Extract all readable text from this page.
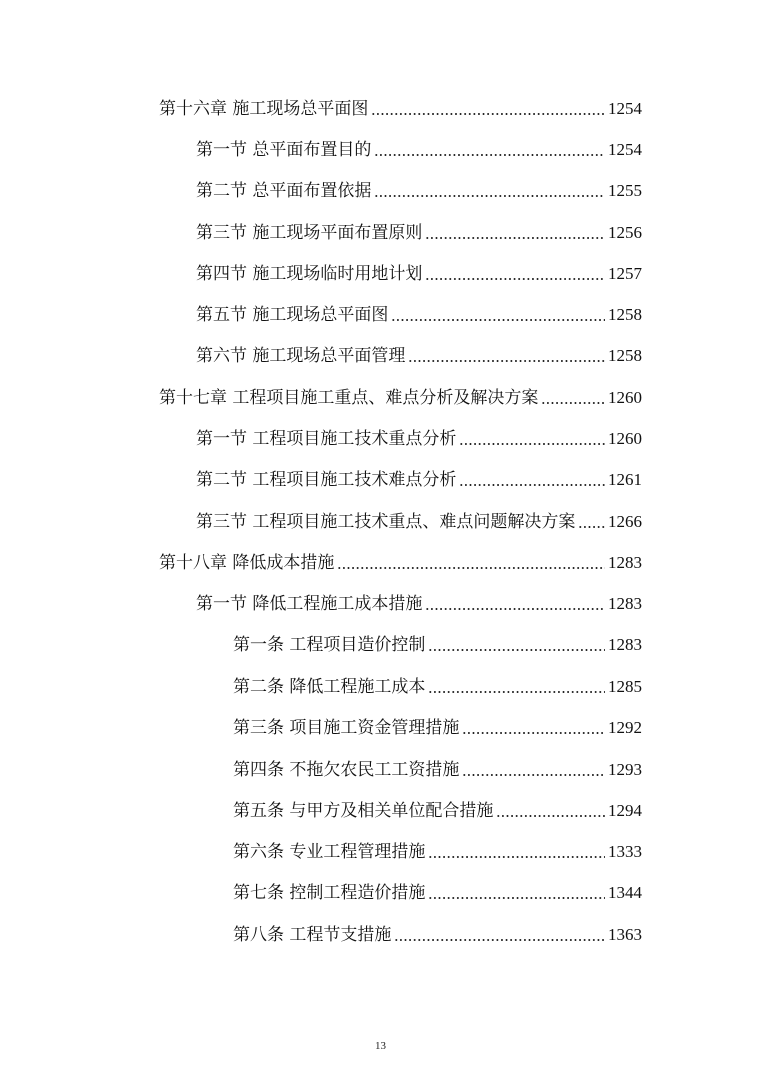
第十六章 施工现场总平面图	1254
第一节 总平面布置目的	1254
第二节 总平面布置依据	1255
第三节 施工现场平面布置原则	1256
第四节 施工现场临时用地计划	1257
第五节 施工现场总平面图	1258
第六节 施工现场总平面管理	1258
第十七章 工程项目施工重点、难点分析及解决方案	1260
第一节 工程项目施工技术重点分析	1260
第二节 工程项目施工技术难点分析	1261
第三节 工程项目施工技术重点、难点问题解决方案 1266
第十八章 降低成本措施	1283
第一节 降低工程施工成本措施	1283
第一条 工程项目造价控制	1283
第二条 降低工程施工成本	1285
第三条 项目施工资金管理措施	1292
第四条 不拖欠农民工工资措施	1293
第五条 与甲方及相关单位配合措施	1294
第六条 专业工程管理措施	1333
第七条 控制工程造价措施	1344
第八条 工程节支措施	1363
13
